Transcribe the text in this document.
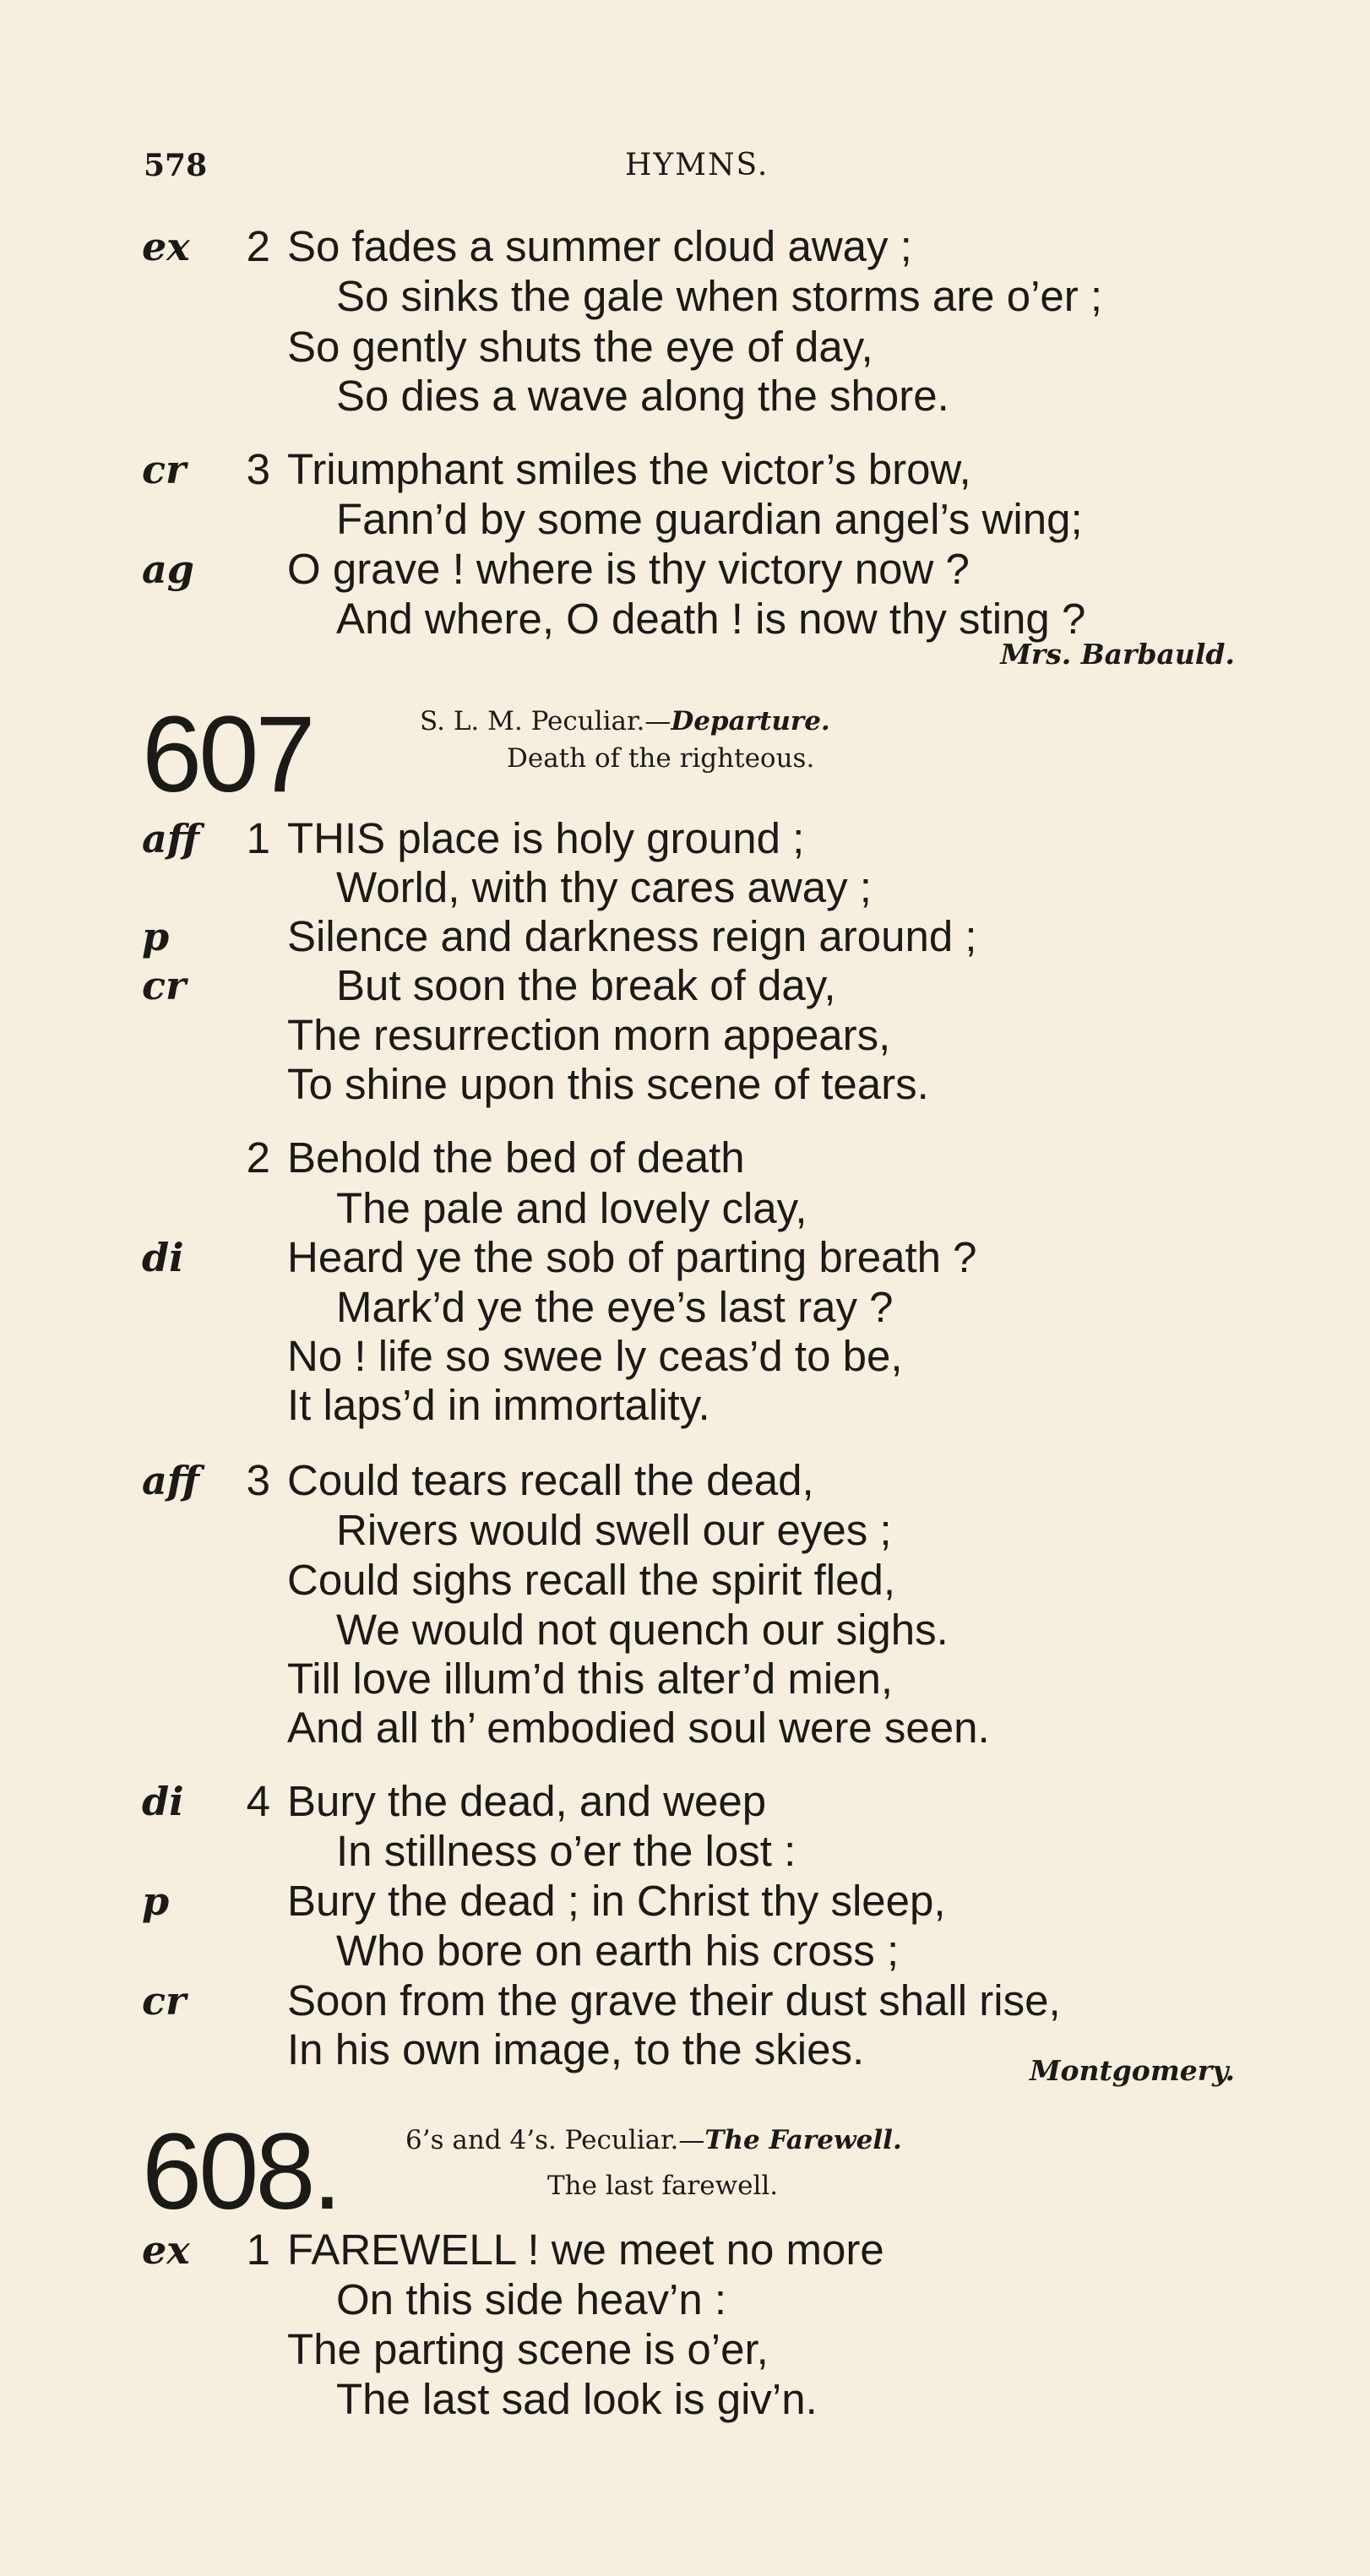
578	HYMNS.
ex 2 So fades a summer cloud away ;
So sinks the gale when storms are o’er ;
So gently shuts the eye of day,
So dies a wave along the shore.
cr 3 Triumphant smiles the victor’s brow,
Fann’d by some guardian angel’s wing;
ag O grave ! where is thy victory now ?
And where, O death ! is now thy sting ?
Mrs. Barbauld.
607	S. L. M. Peculiar.—Departure.
Death of the righteous.
aff 1 THIS place is holy ground ;
World, with thy cares away ;
p	Silence and darkness reign around ;
cr	But soon the break of day,
The resurrection morn appears,
To shine upon this scene of tears.
2 Behold the bed of death
The pale and lovely clay,
di Heard ye the sob of parting breath ?
Mark’d ye the eye’s last ray ?
No ! life so swee ly ceas’d to be,
It laps’d in immortality.
aff 3 Could tears recall the dead,
Rivers would swell our eyes ;
Could sighs recall the spirit fled,
We would not quench our sighs.
Till love illum’d this alter’d mien,
And all th’ embodied soul were seen.
di 4 Bury the dead, and weep
In stillness o’er the lost :
p	Bury the dead ; in Christ thy sleep,
Who bore on earth his cross ;
cr Soon from the grave their dust shall rise,
In his own image, to the skies.	Montgomery.
608.	6’s and 4’s. Peculiar.—The Farewell.
The last farewell.
ex 1 FAREWELL ! we meet no more
On this side heav’n :
The parting scene is o’er,
The last sad look is giv’n.
